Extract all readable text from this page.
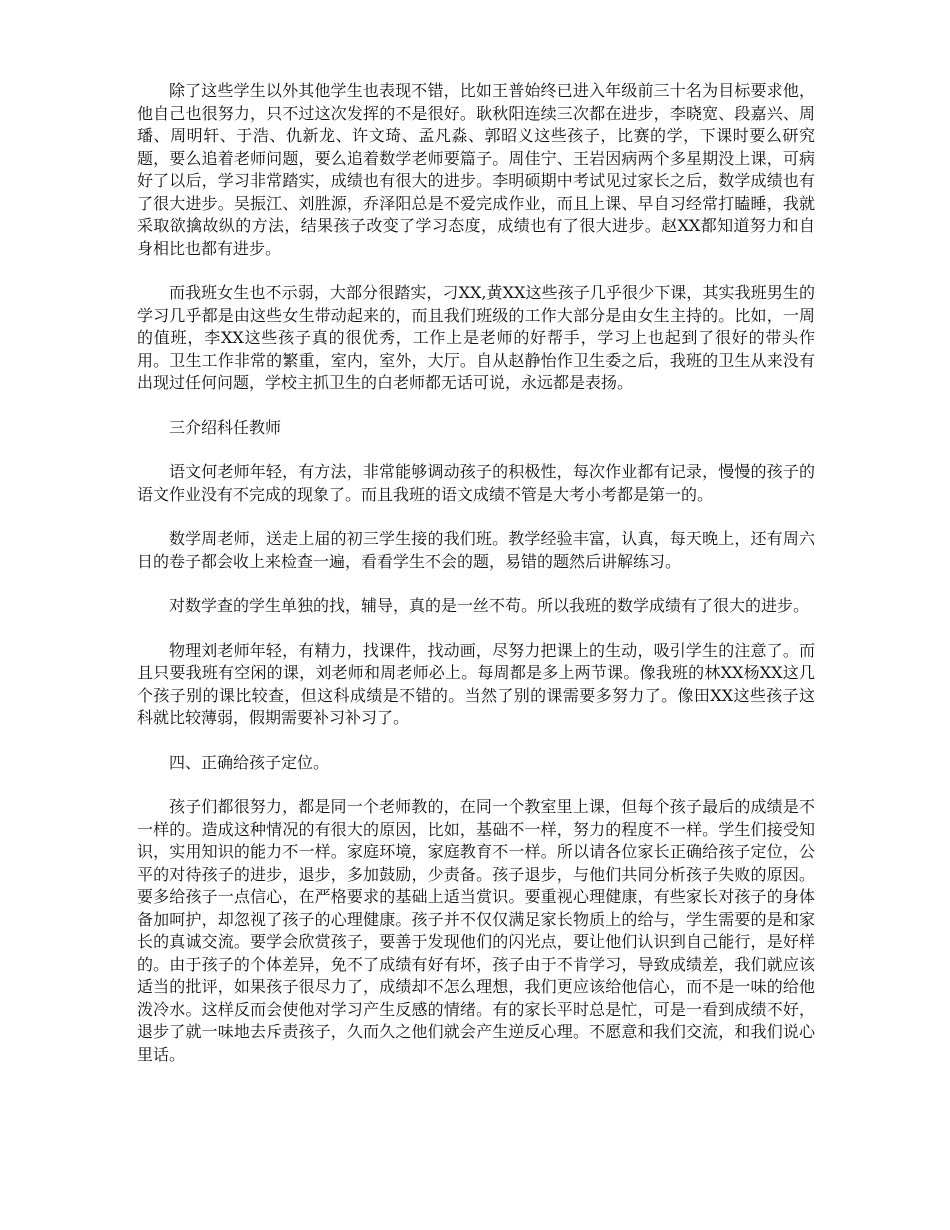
除了这些学生以外其他学生也表现不错，比如王普始终已进入年级前三十名为目标要求他，他自己也很努力，只不过这次发挥的不是很好。耿秋阳连续三次都在进步，李晓宽、段嘉兴、周璠、周明轩、于浩、仇新龙、许文琦、孟凡淼、郭昭义这些孩子，比赛的学，下课时要么研究题，要么追着老师问题，要么追着数学老师要篇子。周佳宁、王岩因病两个多星期没上课，可病好了以后，学习非常踏实，成绩也有很大的进步。李明硕期中考试见过家长之后，数学成绩也有了很大进步。吴振江、刘胜源，乔泽阳总是不爱完成作业，而且上课、早自习经常打瞌睡，我就采取欲擒故纵的方法，结果孩子改变了学习态度，成绩也有了很大进步。赵XX都知道努力和自身相比也都有进步。

而我班女生也不示弱，大部分很踏实，刁XX,黄XX这些孩子几乎很少下课，其实我班男生的学习几乎都是由这些女生带动起来的，而且我们班级的工作大部分是由女生主持的。比如，一周的值班，李XX这些孩子真的很优秀，工作上是老师的好帮手，学习上也起到了很好的带头作用。卫生工作非常的繁重，室内，室外，大厅。自从赵静怡作卫生委之后，我班的卫生从来没有出现过任何问题，学校主抓卫生的白老师都无话可说，永远都是表扬。

三介绍科任教师

语文何老师年轻，有方法，非常能够调动孩子的积极性，每次作业都有记录，慢慢的孩子的语文作业没有不完成的现象了。而且我班的语文成绩不管是大考小考都是第一的。

数学周老师，送走上届的初三学生接的我们班。教学经验丰富，认真，每天晚上，还有周六日的卷子都会收上来检查一遍，看看学生不会的题，易错的题然后讲解练习。

对数学查的学生单独的找，辅导，真的是一丝不苟。所以我班的数学成绩有了很大的进步。

物理刘老师年轻，有精力，找课件，找动画，尽努力把课上的生动，吸引学生的注意了。而且只要我班有空闲的课，刘老师和周老师必上。每周都是多上两节课。像我班的林XX杨XX这几个孩子别的课比较查，但这科成绩是不错的。当然了别的课需要多努力了。像田XX这些孩子这科就比较薄弱，假期需要补习补习了。

四、正确给孩子定位。

孩子们都很努力，都是同一个老师教的，在同一个教室里上课，但每个孩子最后的成绩是不一样的。造成这种情况的有很大的原因，比如，基础不一样，努力的程度不一样。学生们接受知识，实用知识的能力不一样。家庭环境，家庭教育不一样。所以请各位家长正确给孩子定位，公平的对待孩子的进步，退步，多加鼓励，少责备。孩子退步，与他们共同分析孩子失败的原因。要多给孩子一点信心，在严格要求的基础上适当赏识。要重视心理健康，有些家长对孩子的身体备加呵护，却忽视了孩子的心理健康。孩子并不仅仅满足家长物质上的给与，学生需要的是和家长的真诚交流。要学会欣赏孩子，要善于发现他们的闪光点，要让他们认识到自己能行，是好样的。由于孩子的个体差异，免不了成绩有好有坏，孩子由于不肯学习，导致成绩差，我们就应该适当的批评，如果孩子很尽力了，成绩却不怎么理想，我们更应该给他信心，而不是一味的给他泼冷水。这样反而会使他对学习产生反感的情绪。有的家长平时总是忙，可是一看到成绩不好，退步了就一味地去斥责孩子，久而久之他们就会产生逆反心理。不愿意和我们交流，和我们说心里话。
